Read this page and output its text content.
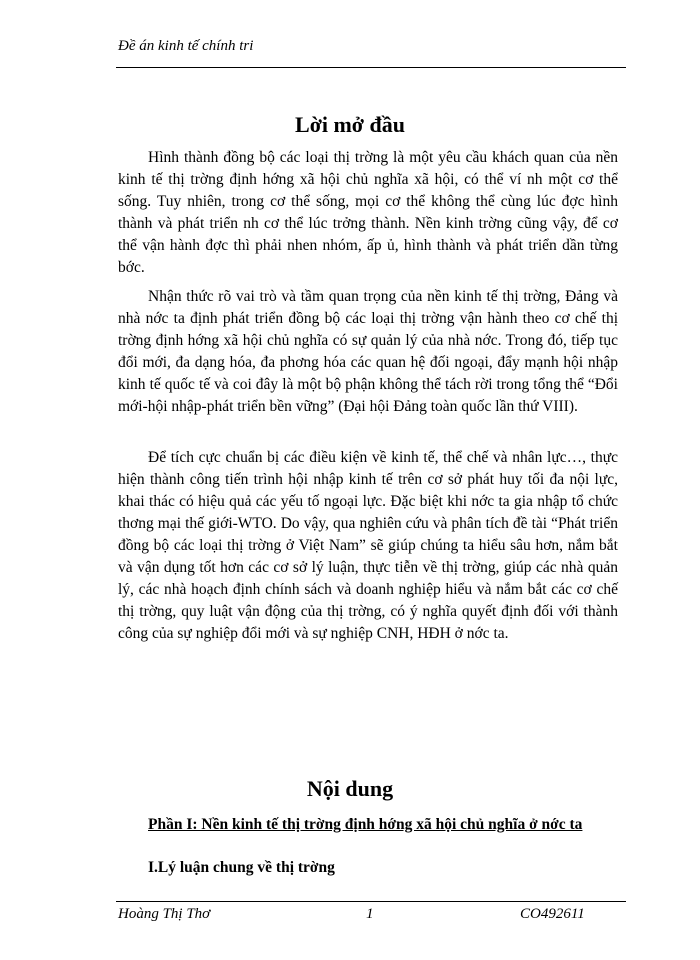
Đề án kinh tế chính tri
Lời mở đầu

Hình thành đồng bộ các loại thị trờng là một yêu cầu khách quan của nền kinh tế thị trờng định hớng xã hội chủ nghĩa xã hội, có thể ví nh một cơ thể sống. Tuy nhiên, trong cơ thể sống, mọi cơ thể không thể cùng lúc đợc hình thành và phát triển nh cơ thể lúc trởng thành. Nền kinh trờng cũng vậy, để cơ thể vận hành đợc thì phải nhen nhóm, ấp ủ, hình thành và phát triển dần từng bớc.

Nhận thức rõ vai trò và tầm quan trọng của nền kinh tế thị trờng, Đảng và nhà nớc ta định phát triển đồng bộ các loại thị trờng vận hành theo cơ chế thị trờng định hớng xã hội chủ nghĩa có sự quản lý của nhà nớc. Trong đó, tiếp tục đổi mới, đa dạng hóa, đa phơng hóa các quan hệ đối ngoại, đẩy mạnh hội nhập kinh tế quốc tế và coi đây là một bộ phận không thể tách rời trong tổng thể “Đổi mới-hội nhập-phát triển bền vững” (Đại hội Đảng toàn quốc lần thứ VIII).

Để tích cực chuẩn bị các điều kiện về kinh tế, thể chế và nhân lực…, thực hiện thành công tiến trình hội nhập kinh tế trên cơ sở phát huy tối đa nội lực, khai thác có hiệu quả các yếu tố ngoại lực. Đặc biệt khi nớc ta gia nhập tổ chức thơng mại thế giới-WTO. Do vậy, qua nghiên cứu và phân tích đề tài “Phát triển đồng bộ các loại thị trờng ở Việt Nam” sẽ giúp chúng ta hiểu sâu hơn, nắm bắt và vận dụng tốt hơn các cơ sở lý luận, thực tiễn về thị trờng, giúp các nhà quản lý, các nhà hoạch định chính sách và doanh nghiệp hiểu và nắm bắt các cơ chế thị trờng, quy luật vận động của thị trờng, có ý nghĩa quyết định đối với thành công của sự nghiệp đổi mới và sự nghiệp CNH, HĐH ở nớc ta.

Nội dung

Phần I: Nền kinh tế thị trờng định hớng xã hội chủ nghĩa ở nớc ta

I.Lý luận chung về thị trờng

Hoàng Thị Thơ	1	CO492611
